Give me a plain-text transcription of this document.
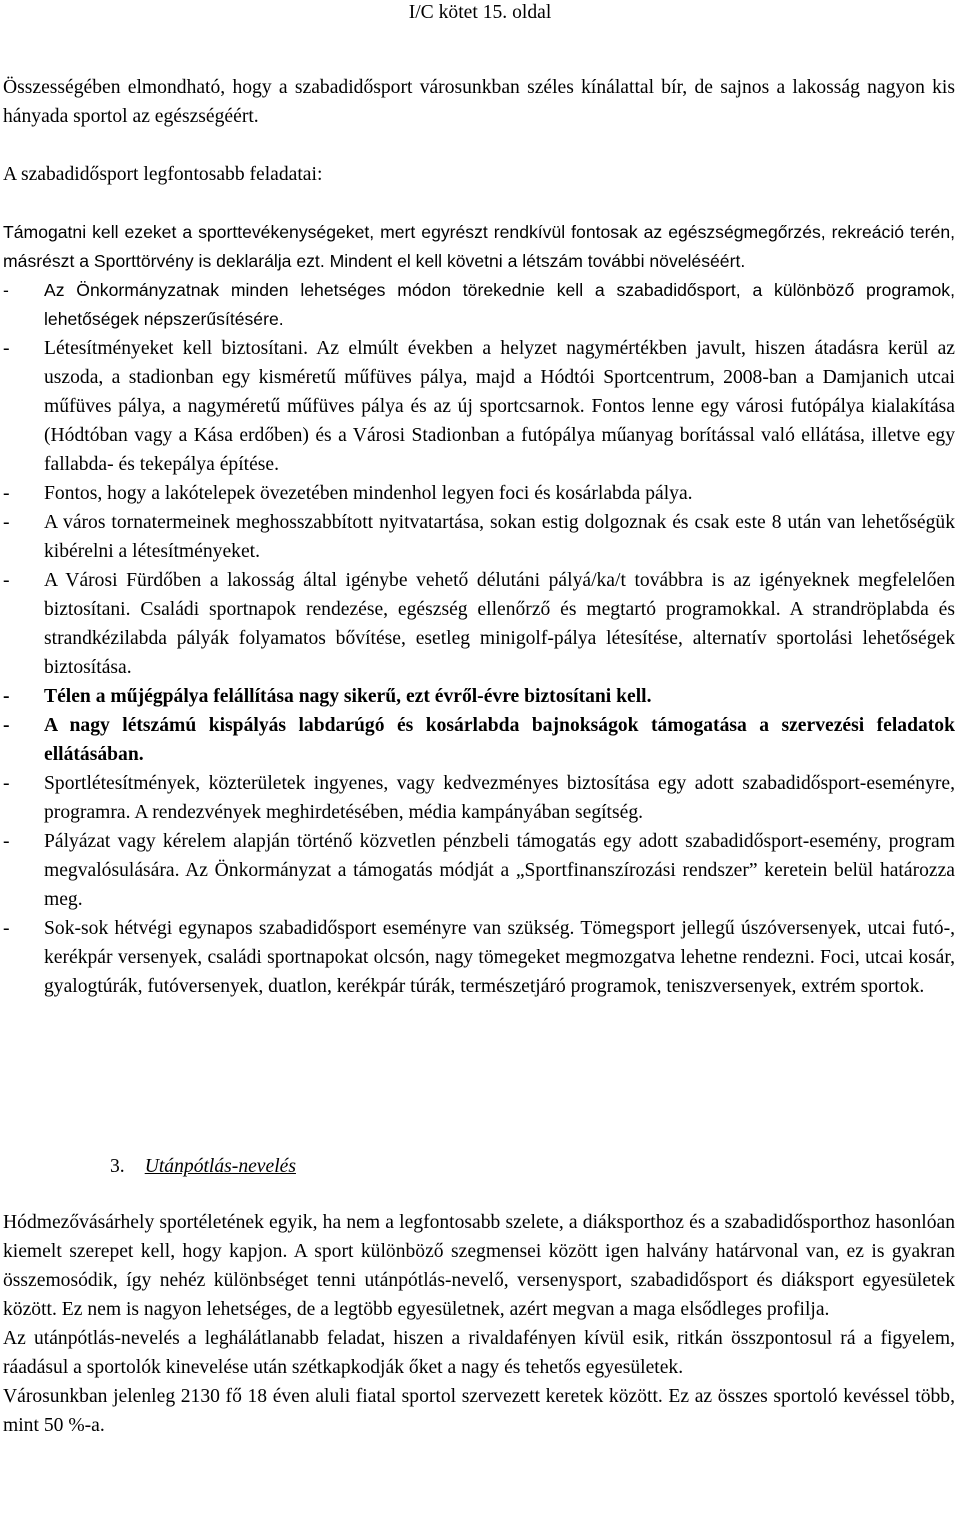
I/C kötet 15. oldal

Összességében elmondható, hogy a szabadidősport városunkban széles kínálattal bír, de sajnos a lakosság nagyon kis hányada sportol az egészségéért.

A szabadidősport legfontosabb feladatai:

Támogatni kell ezeket a sporttevékenységeket, mert egyrészt rendkívül fontosak az egészségmegőrzés, rekreáció terén, másrészt a Sporttörvény is deklarálja ezt. Mindent el kell követni a létszám további növeléséért.

- Az Önkormányzatnak minden lehetséges módon törekednie kell a szabadidősport, a különböző programok, lehetőségek népszerűsítésére.
- Létesítményeket kell biztosítani. Az elmúlt években a helyzet nagymértékben javult, hiszen átadásra kerül az uszoda, a stadionban egy kisméretű műfüves pálya, majd a Hódtói Sportcentrum, 2008-ban a Damjanich utcai műfüves pálya, a nagyméretű műfüves pálya és az új sportcsarnok. Fontos lenne egy városi futópálya kialakítása (Hódtóban vagy a Kása erdőben) és a Városi Stadionban a futópálya műanyag borítással való ellátása, illetve egy fallabda- és tekepálya építése.
- Fontos, hogy a lakótelepek övezetében mindenhol legyen foci és kosárlabda pálya.
- A város tornatermeinek meghosszabbított nyitvatartása, sokan estig dolgoznak és csak este 8 után van lehetőségük kibérelni a létesítményeket.
- A Városi Fürdőben a lakosság által igénybe vehető délutáni pályá/ka/t továbbra is az igényeknek megfelelően biztosítani. Családi sportnapok rendezése, egészség ellenőrző és megtartó programokkal. A strandröplabda és strandkézilabda pályák folyamatos bővítése, esetleg minigolf-pálya létesítése, alternatív sportolási lehetőségek biztosítása.
- Télen a műjégpálya felállítása nagy sikerű, ezt évről-évre biztosítani kell.
- A nagy létszámú kispályás labdarúgó és kosárlabda bajnokságok támogatása a szervezési feladatok ellátásában.
- Sportlétesítmények, közterületek ingyenes, vagy kedvezményes biztosítása egy adott szabadidősport-eseményre, programra. A rendezvények meghirdetésében, média kampányában segítség.
- Pályázat vagy kérelem alapján történő közvetlen pénzbeli támogatás egy adott szabadidősport-esemény, program megvalósulására. Az Önkormányzat a támogatás módját a „Sportfinanszírozási rendszer” keretein belül határozza meg.
- Sok-sok hétvégi egynapos szabadidősport eseményre van szükség. Tömegsport jellegű úszóversenyek, utcai futó-, kerékpár versenyek, családi sportnapokat olcsón, nagy tömegeket megmozgatva lehetne rendezni. Foci, utcai kosár, gyalogtúrák, futóversenyek, duatlon, kerékpár túrák, természetjáró programok, teniszversenyek, extrém sportok.
3. Utánpótlás-nevelés

Hódmezővásárhely sportéletének egyik, ha nem a legfontosabb szelete, a diáksporthoz és a szabadidősporthoz hasonlóan kiemelt szerepet kell, hogy kapjon. A sport különböző szegmensei között igen halvány határvonal van, ez is gyakran összemosódik, így nehéz különbséget tenni utánpótlás-nevelő, versenysport, szabadidősport és diáksport egyesületek között. Ez nem is nagyon lehetséges, de a legtöbb egyesületnek, azért megvan a maga elsődleges profilja.

Az utánpótlás-nevelés a leghálátlanabb feladat, hiszen a rivaldafényen kívül esik, ritkán összpontosul rá a figyelem, ráadásul a sportolók kinevelése után szétkapkodják őket a nagy és tehetős egyesületek.

Városunkban jelenleg 2130 fő 18 éven aluli fiatal sportol szervezett keretek között. Ez az összes sportoló kevéssel több, mint 50 %-a.
